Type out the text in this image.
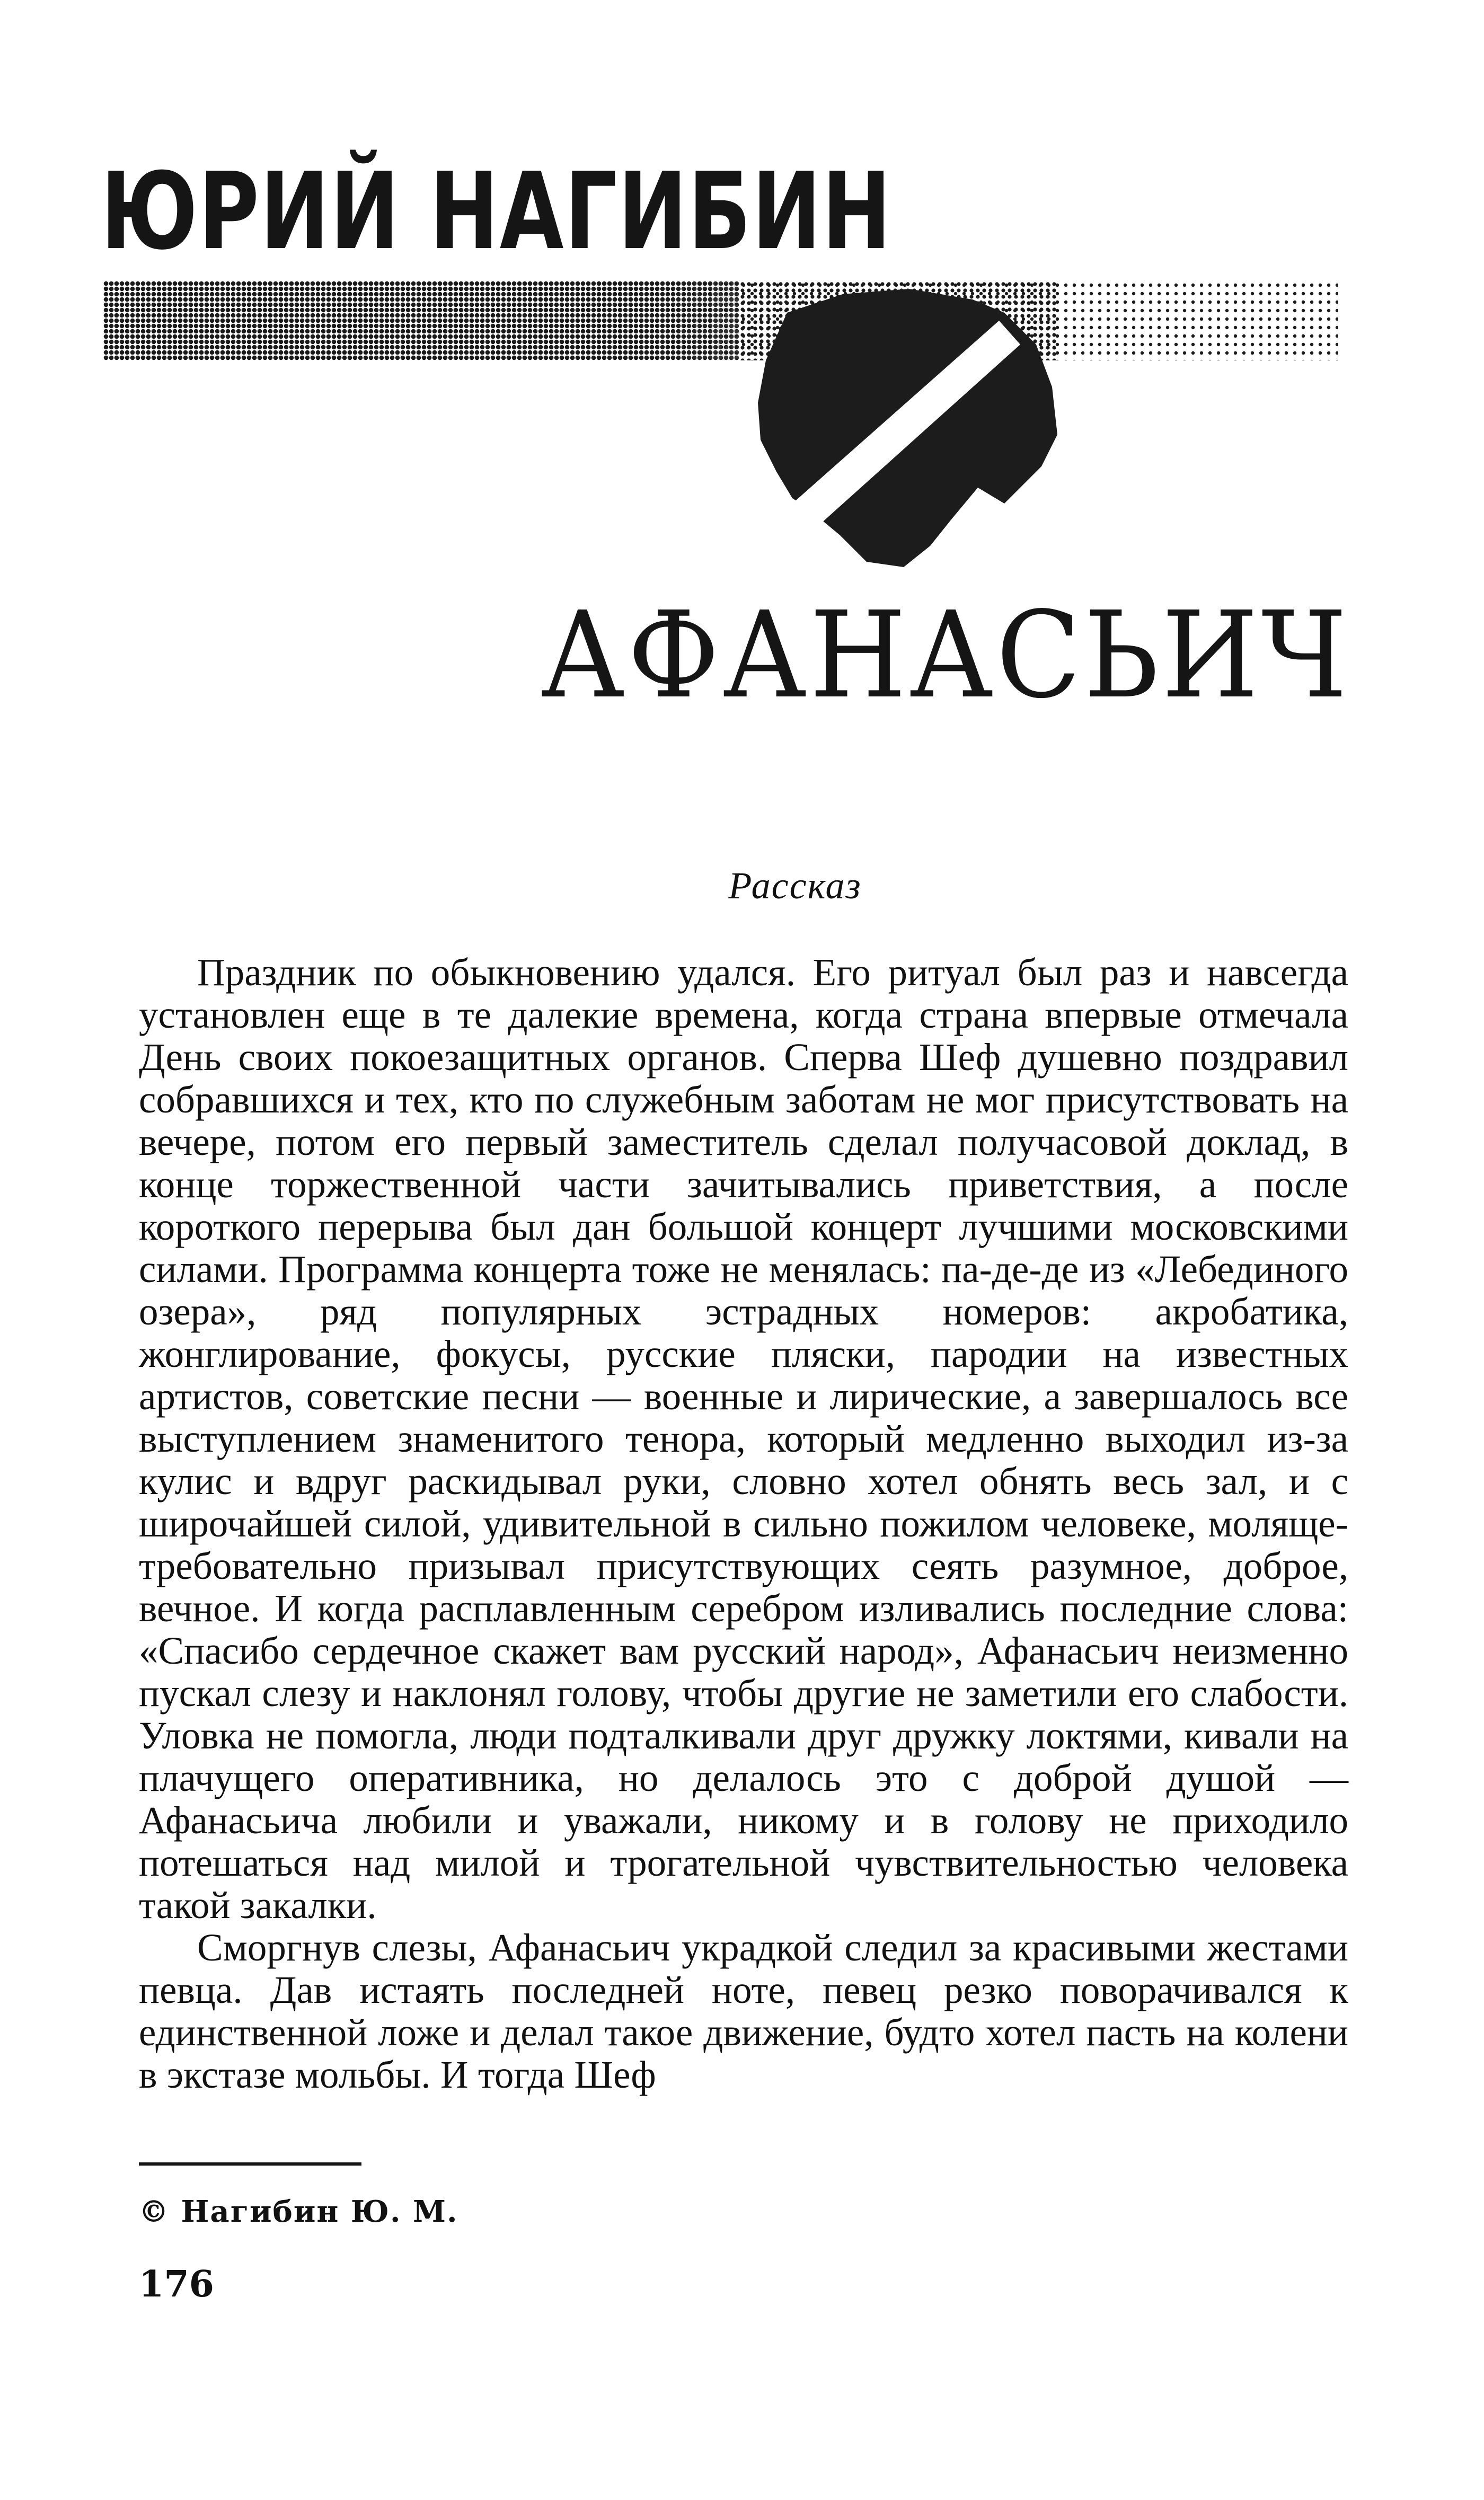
ЮРИЙ НАГИБИН
АФАНАСЬИЧ
Рассказ

Праздник по обыкновению удался. Его ритуал был раз и навсегда установлен еще в те далекие времена, когда страна впервые отмечала День своих покоезащитных органов. Сперва Шеф душевно поздравил собравшихся и тех, кто по служебным заботам не мог присутствовать на вечере, потом его первый заместитель сделал получасовой доклад, в конце торжественной части зачитывались приветствия, а после короткого перерыва был дан большой концерт лучшими московскими силами. Программа концерта тоже не менялась: па-де-де из «Лебединого озера», ряд популярных эстрадных номеров: акробатика, жонглирование, фокусы, русские пляски, пародии на известных артистов, советские песни — военные и лирические, а завершалось все выступлением знаменитого тенора, который медленно выходил из-за кулис и вдруг раскидывал руки, словно хотел обнять весь зал, и с широчайшей силой, удивительной в сильно пожилом человеке, моляще-требовательно призывал присутствующих сеять разумное, доброе, вечное. И когда расплавленным серебром изливались последние слова: «Спасибо сердечное скажет вам русский народ», Афанасьич неизменно пускал слезу и наклонял голову, чтобы другие не заметили его слабости. Уловка не помогла, люди подталкивали друг дружку локтями, кивали на плачущего оперативника, но делалось это с доброй душой — Афанасьича любили и уважали, никому и в голову не приходило потешаться над милой и трогательной чувствительностью человека такой закалки.

Сморгнув слезы, Афанасьич украдкой следил за красивыми жестами певца. Дав истаять последней ноте, певец резко поворачивался к единственной ложе и делал такое движение, будто хотел пасть на колени в экстазе мольбы. И тогда Шеф

© Нагибин Ю. М.
176
